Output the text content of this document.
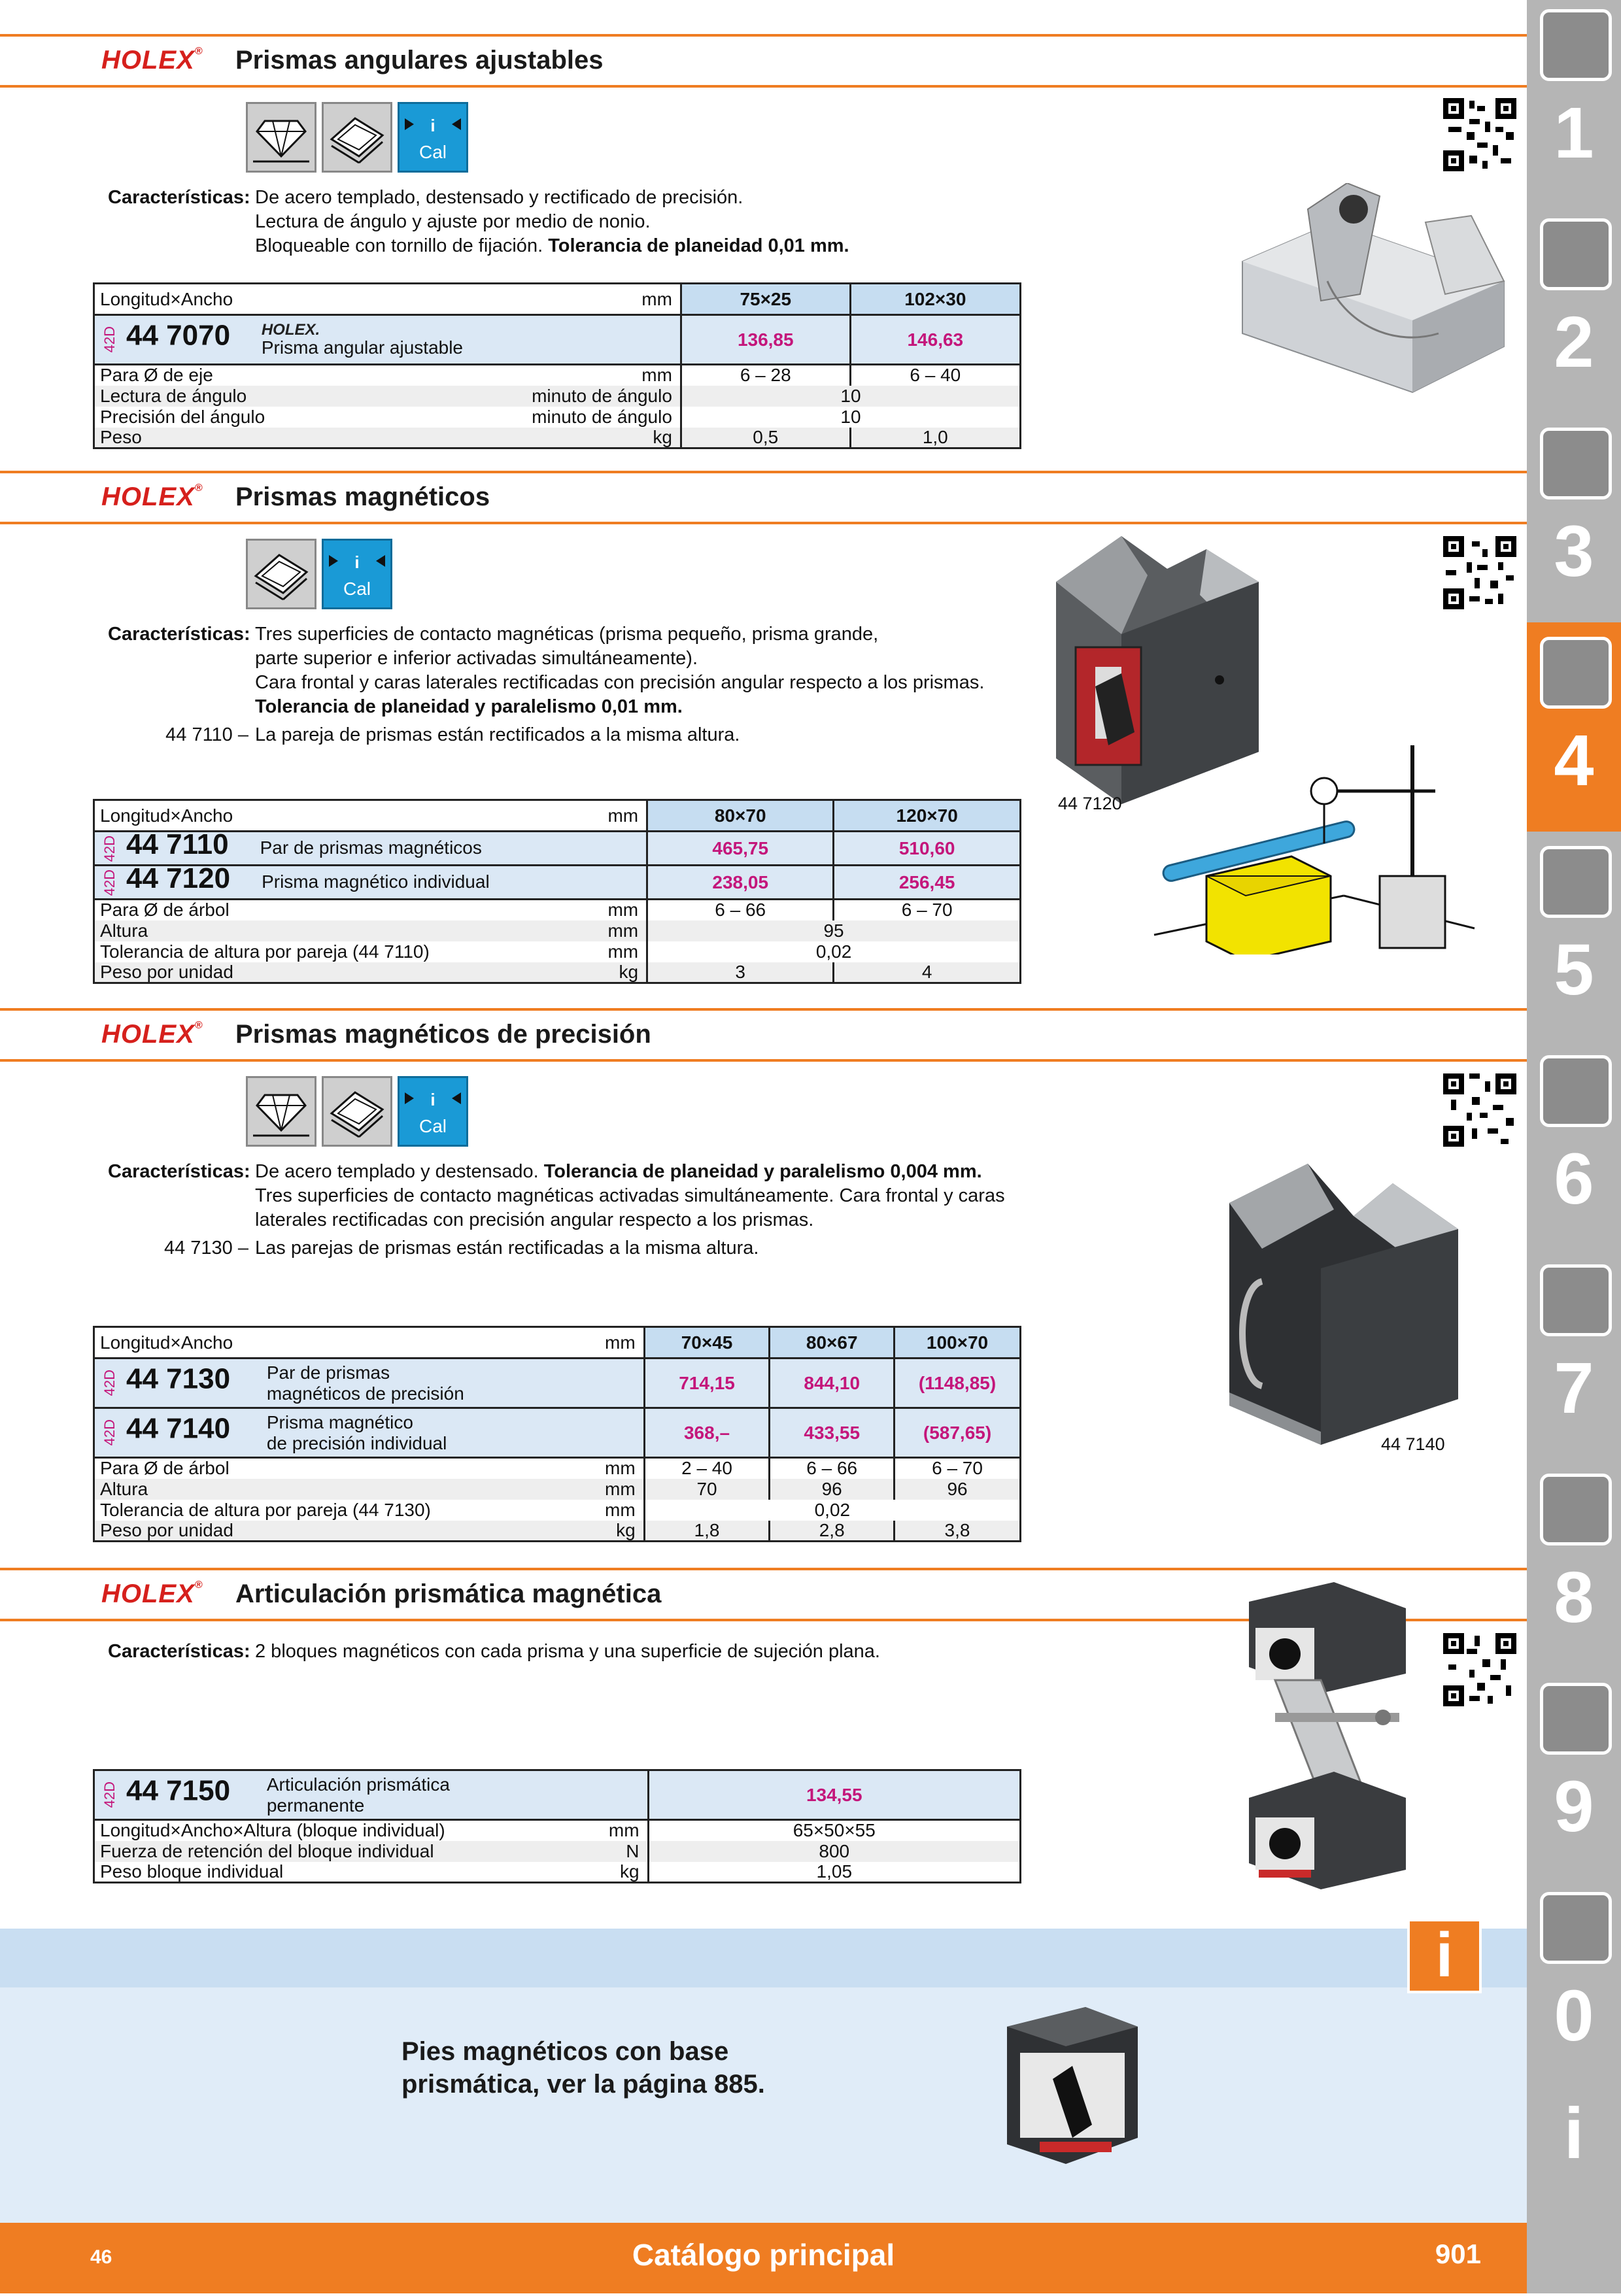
HOLEX® Prismas angulares ajustables
i
Cal
Características: De acero templado, destensado y rectificado de precisión.
Lectura de ángulo y ajuste por medio de nonio.
Bloqueable con tornillo de fijación. Tolerancia de planeidad 0,01 mm.
Longitud×Ancho	mm	75×25	102×30
42D 44 7070 HOLEX.
Prisma angular ajustable		136,85	146,63
Para Ø de eje	mm	6 – 28	6 – 40
Lectura de ángulo	minuto de ángulo	10	
Precisión del ángulo	minuto de ángulo	10	
Peso	kg	0,5	1,0
HOLEX® Prismas magnéticos
i
Cal
Características: Tres superficies de contacto magnéticas (prisma pequeño, prisma grande,
parte superior e inferior activadas simultáneamente).
Cara frontal y caras laterales rectificadas con precisión angular respecto a los prismas.
Tolerancia de planeidad y paralelismo 0,01 mm.
44 7110 – La pareja de prismas están rectificados a la misma altura.
44 7120
Longitud×Ancho	mm	80×70	120×70
42D 44 7110 Par de prismas magnéticos		465,75	510,60
42D 44 7120 Prisma magnético individual		238,05	256,45
Para Ø de árbol	mm	6 – 66	6 – 70
Altura	mm	95	
Tolerancia de altura por pareja (44 7110)	mm	0,02	
Peso por unidad	kg	3	4
HOLEX® Prismas magnéticos de precisión
i
Cal
Características: De acero templado y destensado. Tolerancia de planeidad y paralelismo 0,004 mm.
Tres superficies de contacto magnéticas activadas simultáneamente. Cara frontal y caras
laterales rectificadas con precisión angular respecto a los prismas.
44 7130 – Las parejas de prismas están rectificadas a la misma altura.
44 7140
Longitud×Ancho	mm	70×45	80×67	100×70
42D 44 7130 Par de prismas
magnéticos de precisión		714,15	844,10	(1148,85)
42D 44 7140 Prisma magnético
de precisión individual		368,–	433,55	(587,65)
Para Ø de árbol	mm	2 – 40	6 – 66	6 – 70
Altura	mm	70	96	96
Tolerancia de altura por pareja (44 7130)	mm	0,02		
Peso por unidad	kg	1,8	2,8	3,8
HOLEX® Articulación prismática magnética
Características: 2 bloques magnéticos con cada prisma y una superficie de sujeción plana.
42D 44 7150 Articulación prismática
permanente		134,55
Longitud×Ancho×Altura (bloque individual)	mm	65×50×55
Fuerza de retención del bloque individual	N	800
Peso bloque individual	kg	1,05
i
Pies magnéticos con base
prismática, ver la página 885.
46	Catálogo principal	901
1
2
3
4
5
6
7
8
9
0
i
